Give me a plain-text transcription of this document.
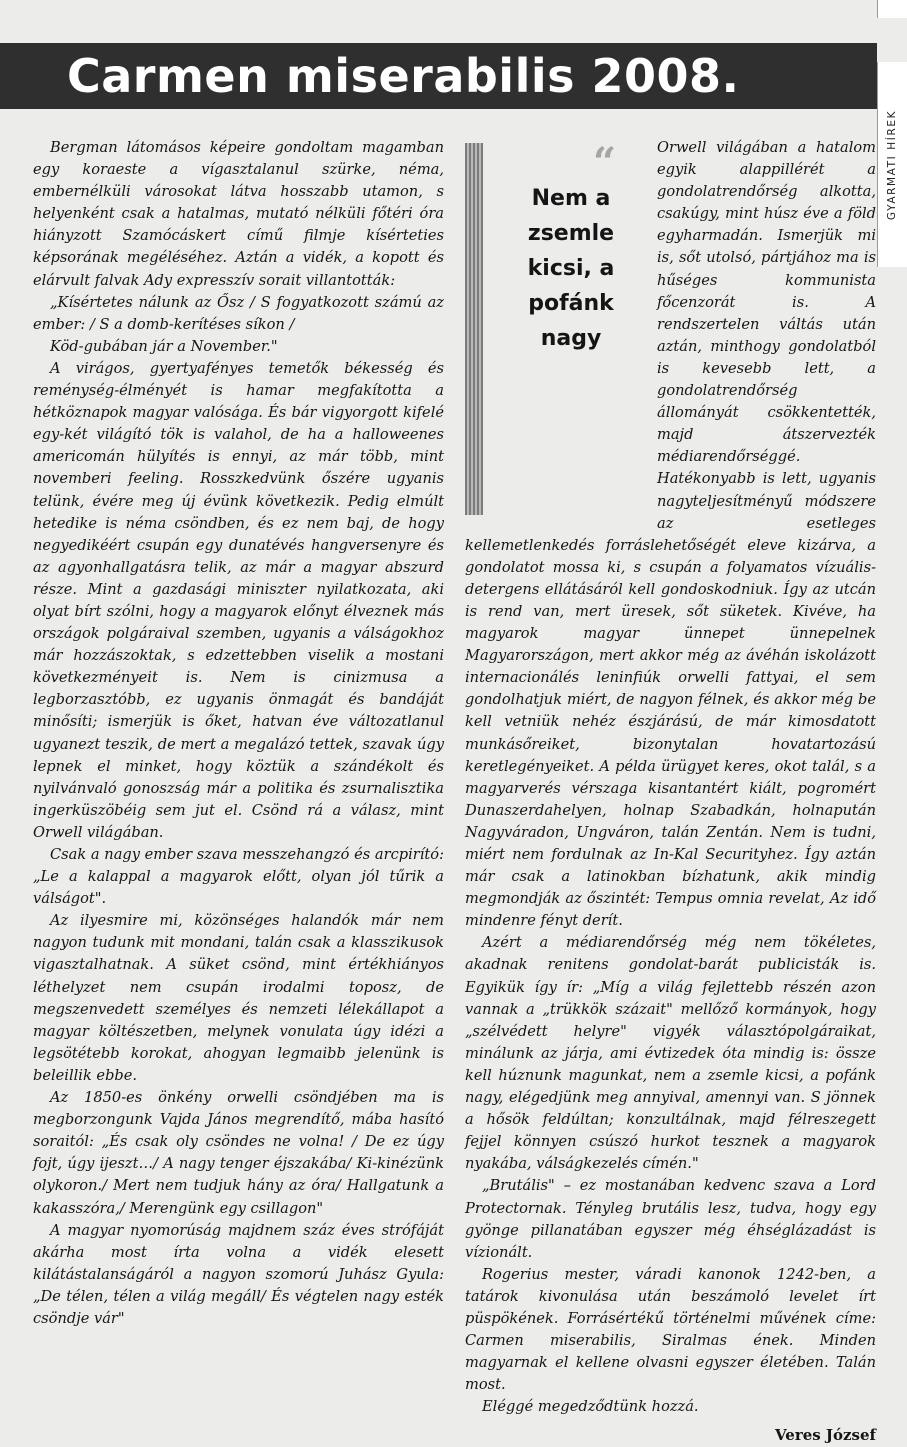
Carmen miserabilis 2008.
GYARMATI HÍREK

Bergman látomásos képeire gondoltam magamban egy koraeste a vígasztalanul szürke, néma, embernélküli városokat látva hosszabb utamon, s helyenként csak a hatalmas, mutató nélküli főtéri óra hiányzott Szamócáskert című filmje kísérteties képsorának megéléséhez. Aztán a vidék, a kopott és elárvult falvak Ady expresszív sorait villantották:

„Kísértetes nálunk az Ősz / S fogyatkozott számú az ember: / S a domb-kerítéses síkon /

Köd-gubában jár a November."

A virágos, gyertyafényes temetők békesség és reménység-élményét is hamar megfakította a hétköznapok magyar valósága. És bár vigyorgott kifelé egy-két világító tök is valahol, de ha a halloweenes americomán hülyítés is ennyi, az már több, mint novemberi feeling. Rosszkedvünk őszére ugyanis telünk, évére meg új évünk következik. Pedig elmúlt hetedike is néma csöndben, és ez nem baj, de hogy negyedikéért csupán egy dunatévés hangversenyre és az agyonhallgatásra telik, az már a magyar abszurd része. Mint a gazdasági miniszter nyilatkozata, aki olyat bírt szólni, hogy a magyarok előnyt élveznek más országok polgáraival szemben, ugyanis a válságokhoz már hozzászoktak, s edzettebben viselik a mostani következményeit is. Nem is cinizmusa a legborzasztóbb, ez ugyanis önmagát és bandáját minősíti; ismerjük is őket, hatvan éve változatlanul ugyanezt teszik, de mert a megalázó tettek, szavak úgy lepnek el minket, hogy köztük a szándékolt és nyilvánvaló gonoszság már a politika és zsurnalisztika ingerküszöbéig sem jut el. Csönd rá a válasz, mint Orwell világában.

Csak a nagy ember szava messzehangzó és arcpirító: „Le a kalappal a magyarok előtt, olyan jól tűrik a válságot".

Az ilyesmire mi, közönséges halandók már nem nagyon tudunk mit mondani, talán csak a klasszikusok vigasztalhatnak. A süket csönd, mint értékhiányos léthelyzet nem csupán irodalmi toposz, de megszenvedett személyes és nemzeti lélekállapot a magyar költészetben, melynek vonulata úgy idézi a legsötétebb korokat, ahogyan legmaibb jelenünk is beleillik ebbe.

Az 1850-es önkény orwelli csöndjében ma is megborzongunk Vajda János megrendítő, mába hasító soraitól: „És csak oly csöndes ne volna! / De ez úgy fojt, úgy ijeszt…/ A nagy tenger éjszakába/ Ki-kinézünk olykoron./ Mert nem tudjuk hány az óra/ Hallgatunk a kakasszóra,/ Merengünk egy csillagon"

A magyar nyomorúság majdnem száz éves strófáját akárha most írta volna a vidék elesett kilátástalanságáról a nagyon szomorú Juhász Gyula: „De télen, télen a világ megáll/ És végtelen nagy esték csöndje vár"

“
Nem a zsemle kicsi, a pofánk nagy
Orwell világában a hatalom egyik alappillérét a gondolatrendőrség alkotta, csakúgy, mint húsz éve a föld egyharmadán. Ismerjük mi is, sőt utolsó, pártjához ma is hűséges kommunista főcenzorát is. A rendszertelen váltás után aztán, minthogy gondolatból is kevesebb lett, a gondolatrendőrség állományát csökkentették, majd átszervezték médiarendőrséggé. Hatékonyabb is lett, ugyanis nagyteljesítményű módszere az esetleges kellemetlenkedés forráslehetőségét eleve kizárva, a gondolatot mossa ki, s csupán a folyamatos vízuális-detergens ellátásáról kell gondoskodniuk. Így az utcán is rend van, mert üresek, sőt süketek. Kivéve, ha magyarok magyar ünnepet ünnepelnek Magyarországon, mert akkor még az ávéhán iskolázott internacionálés leninfiúk orwelli fattyai, el sem gondolhatjuk miért, de nagyon félnek, és akkor még be kell vetniük nehéz észjárású, de már kimosdatott munkásőreiket, bizonytalan hovatartozású keretlegényeiket. A példa ürügyet keres, okot talál, s a magyarverés vérszaga kisantantért kiált, pogromért Dunaszerdahelyen, holnap Szabadkán, holnapután Nagyváradon, Ungváron, talán Zentán. Nem is tudni, miért nem fordulnak az In-Kal Securityhez. Így aztán már csak a latinokban bízhatunk, akik mindig megmondják az őszintét: Tempus omnia revelat, Az idő mindenre fényt derít.

Azért a médiarendőrség még nem tökéletes, akadnak renitens gondolat-barát publicisták is. Egyikük így ír: „Míg a világ fejlettebb részén azon vannak a „trükkök százait" mellőző kormányok, hogy „szélvédett helyre" vigyék választópolgáraikat, minálunk az járja, ami évtizedek óta mindig is: össze kell húznunk magunkat, nem a zsemle kicsi, a pofánk nagy, elégedjünk meg annyival, amennyi van. S jönnek a hősök feldúltan; konzultálnak, majd félreszegett fejjel könnyen csúszó hurkot tesznek a magyarok nyakába, válságkezelés címén."

„Brutális" – ez mostanában kedvenc szava a Lord Protectornak. Tényleg brutális lesz, tudva, hogy egy gyönge pillanatában egyszer még éhséglázadást is vízionált.

Rogerius mester, váradi kanonok 1242-ben, a tatárok kivonulása után beszámoló levelet írt püspökének. Forrásértékű történelmi művének címe: Carmen miserabilis, Siralmas ének. Minden magyarnak el kellene olvasni egyszer életében. Talán most.

Eléggé megedződtünk hozzá.

Veres József
